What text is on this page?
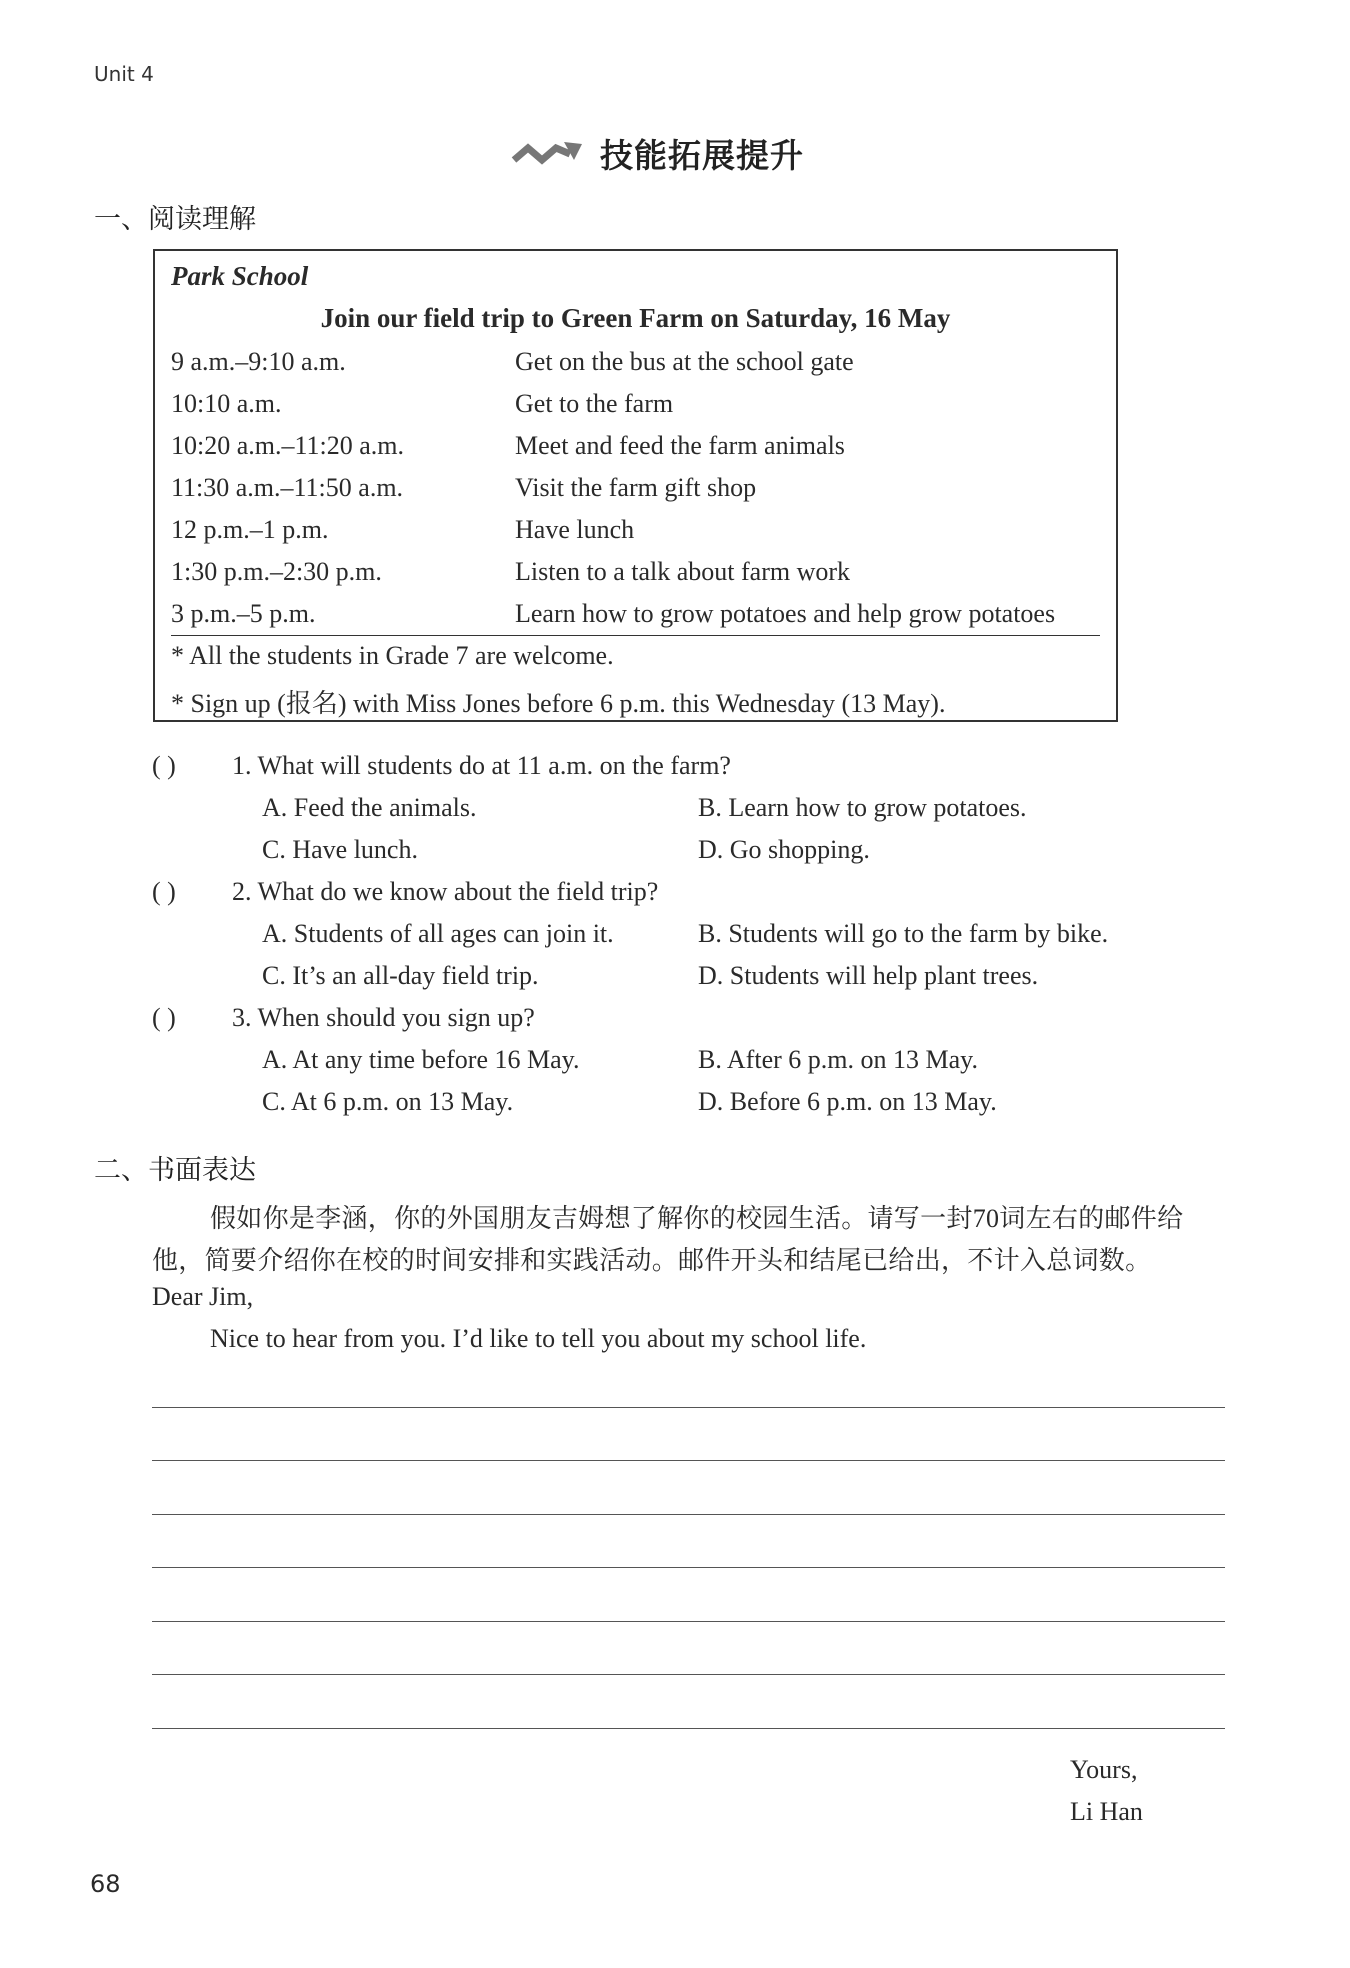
Unit 4
技能拓展提升
一、阅读理解
Park School
Join our field trip to Green Farm on Saturday, 16 May
9 a.m.–9:10 a.m.	Get on the bus at the school gate
10:10 a.m.	Get to the farm
10:20 a.m.–11:20 a.m.	Meet and feed the farm animals
11:30 a.m.–11:50 a.m.	Visit the farm gift shop
12 p.m.–1 p.m.	Have lunch
1:30 p.m.–2:30 p.m.	Listen to a talk about farm work
3 p.m.–5 p.m.	Learn how to grow potatoes and help grow potatoes
* All the students in Grade 7 are welcome.
* Sign up (报名) with Miss Jones before 6 p.m. this Wednesday (13 May).
( ) 1. What will students do at 11 a.m. on the farm?
A. Feed the animals.	B. Learn how to grow potatoes.
C. Have lunch.	D. Go shopping.
( ) 2. What do we know about the field trip?
A. Students of all ages can join it.	B. Students will go to the farm by bike.
C. It’s an all-day field trip.	D. Students will help plant trees.
( ) 3. When should you sign up?
A. At any time before 16 May.	B. After 6 p.m. on 13 May.
C. At 6 p.m. on 13 May.	D. Before 6 p.m. on 13 May.
二、书面表达
假如你是李涵，你的外国朋友吉姆想了解你的校园生活。请写一封70词左右的邮件给
他，简要介绍你在校的时间安排和实践活动。邮件开头和结尾已给出，不计入总词数。
Dear Jim,
Nice to hear from you. I’d like to tell you about my school life.
Yours,
Li Han
68
